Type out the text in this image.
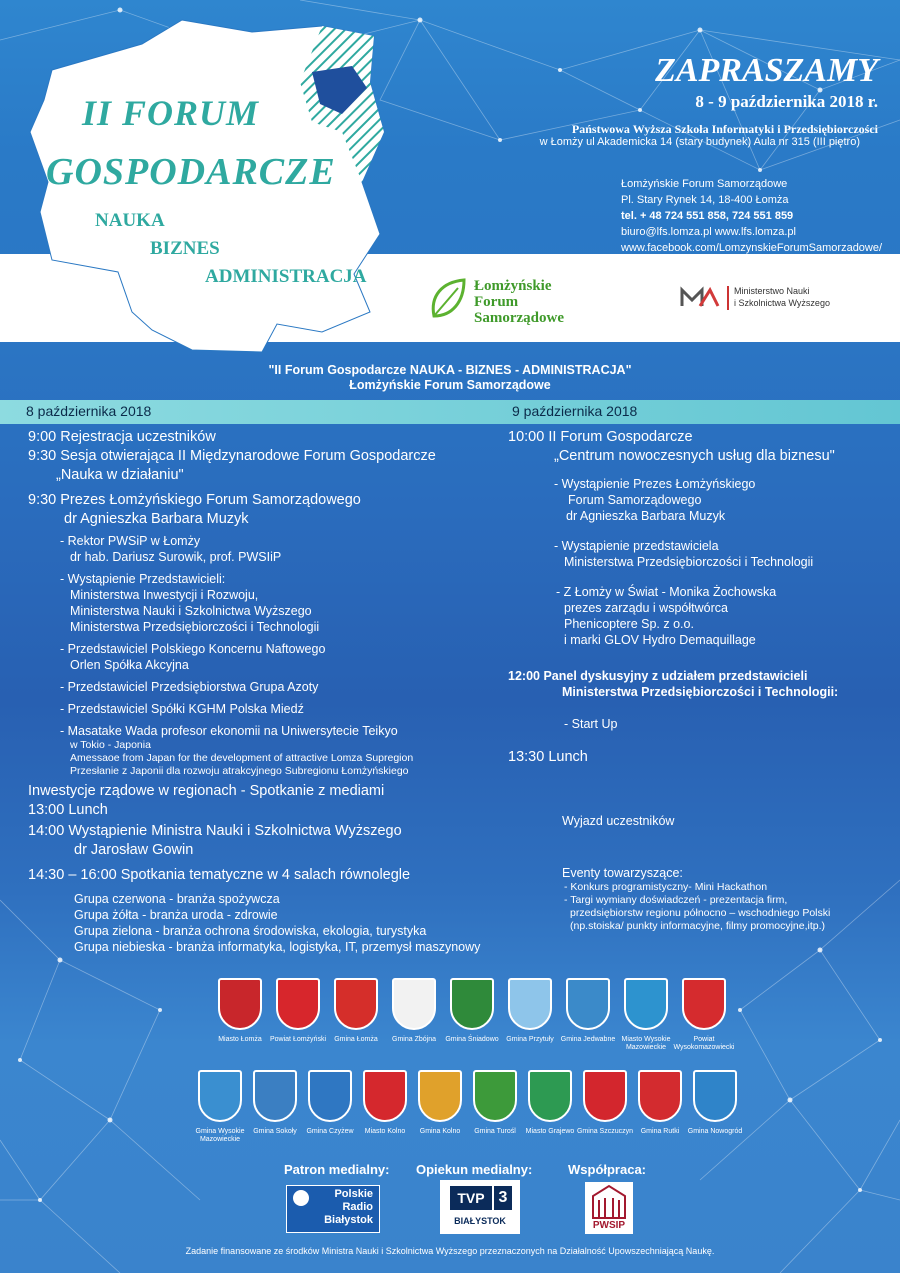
II FORUM
GOSPODARCZE
NAUKA
BIZNES
ADMINISTRACJA
ZAPRASZAMY
8 - 9 października 2018 r.
Państwowa Wyższa Szkoła Informatyki i Przedsiębiorczości
w Łomży ul Akademicka 14 (stary budynek) Aula nr 315 (III piętro)
Łomżyńskie Forum Samorządowe
Pl. Stary Rynek 14, 18-400 Łomża
tel. + 48 724 551 858, 724 551 859
biuro@lfs.lomza.pl www.lfs.lomza.pl
www.facebook.com/LomzynskieForumSamorzadowe/
Łomżyńskie
Forum
Samorządowe
Ministerstwo Nauki
i Szkolnictwa Wyższego
"II Forum Gospodarcze NAUKA - BIZNES - ADMINISTRACJA"
Łomżyńskie Forum Samorządowe
8 października 2018	9 października 2018
9:00 Rejestracja uczestników
9:30 Sesja otwierająca II Międzynarodowe Forum Gospodarcze
„Nauka w działaniu"
9:30 Prezes Łomżyńskiego Forum Samorządowego
dr Agnieszka Barbara Muzyk
- Rektor PWSiP w Łomży
dr hab. Dariusz Surowik, prof. PWSIiP
- Wystąpienie Przedstawicieli:
Ministerstwa Inwestycji i Rozwoju,
Ministerstwa Nauki i Szkolnictwa Wyższego
Ministerstwa Przedsiębiorczości i Technologii
- Przedstawiciel Polskiego Koncernu Naftowego
Orlen Spółka Akcyjna
- Przedstawiciel Przedsiębiorstwa Grupa Azoty
- Przedstawiciel Spółki KGHM Polska Miedź
- Masatake Wada profesor ekonomii na Uniwersytecie Teikyo
w Tokio - Japonia
Amessaoe from Japan for the development of attractive Lomza Supregion
Przesłanie z Japonii dla rozwoju atrakcyjnego Subregionu Łomżyńskiego
Inwestycje rządowe w regionach - Spotkanie z mediami
13:00 Lunch
14:00 Wystąpienie Ministra Nauki i Szkolnictwa Wyższego
dr Jarosław Gowin
14:30 – 16:00 Spotkania tematyczne w 4 salach równolegle
Grupa czerwona - branża spożywcza
Grupa żółta - branża uroda - zdrowie
Grupa zielona - branża ochrona środowiska, ekologia, turystyka
Grupa niebieska - branża informatyka, logistyka, IT, przemysł maszynowy
10:00 II Forum Gospodarcze
„Centrum nowoczesnych usług dla biznesu"
- Wystąpienie Prezes Łomżyńskiego
Forum Samorządowego
dr Agnieszka Barbara Muzyk
- Wystąpienie przedstawiciela
Ministerstwa Przedsiębiorczości i Technologii
- Z Łomży w Świat - Monika Żochowska
prezes zarządu i współtwórca
Phenicoptere Sp. z o.o.
i marki GLOV Hydro Demaquillage
12:00 Panel dyskusyjny z udziałem przedstawicieli
Ministerstwa Przedsiębiorczości i Technologii:
- Start Up
13:30 Lunch
Wyjazd uczestników
Eventy towarzyszące:
- Konkurs programistyczny- Mini Hackathon
- Targi wymiany doświadczeń - prezentacja firm,
przedsiębiorstw regionu północno – wschodniego Polski
(np.stoiska/ punkty informacyjne, filmy promocyjne,itp.)
Miasto Łomża	Powiat Łomżyński	Gmina Łomża	Gmina Zbójna	Gmina Śniadowo	Gmina Przytuły	Gmina Jedwabne Miasto Wysokie Mazowieckie
Powiat Wysokomazowiecki
Gmina Wysokie Mazowieckie
Gmina Sokoły	Gmina Czyżew	Miasto Kolno	Gmina Kolno	Gmina Turośl	Miasto Grajewo Gmina Szczuczyn	Gmina Rutki	Gmina Nowogród
Patron medialny: Opiekun medialny:	Współpraca:
Polskie
Radio
Białystok
TVP 3
BIAŁYSTOK	PWSIP
Zadanie finansowane ze środków Ministra Nauki i Szkolnictwa Wyższego przeznaczonych na Działalność Upowszechniającą Naukę.
